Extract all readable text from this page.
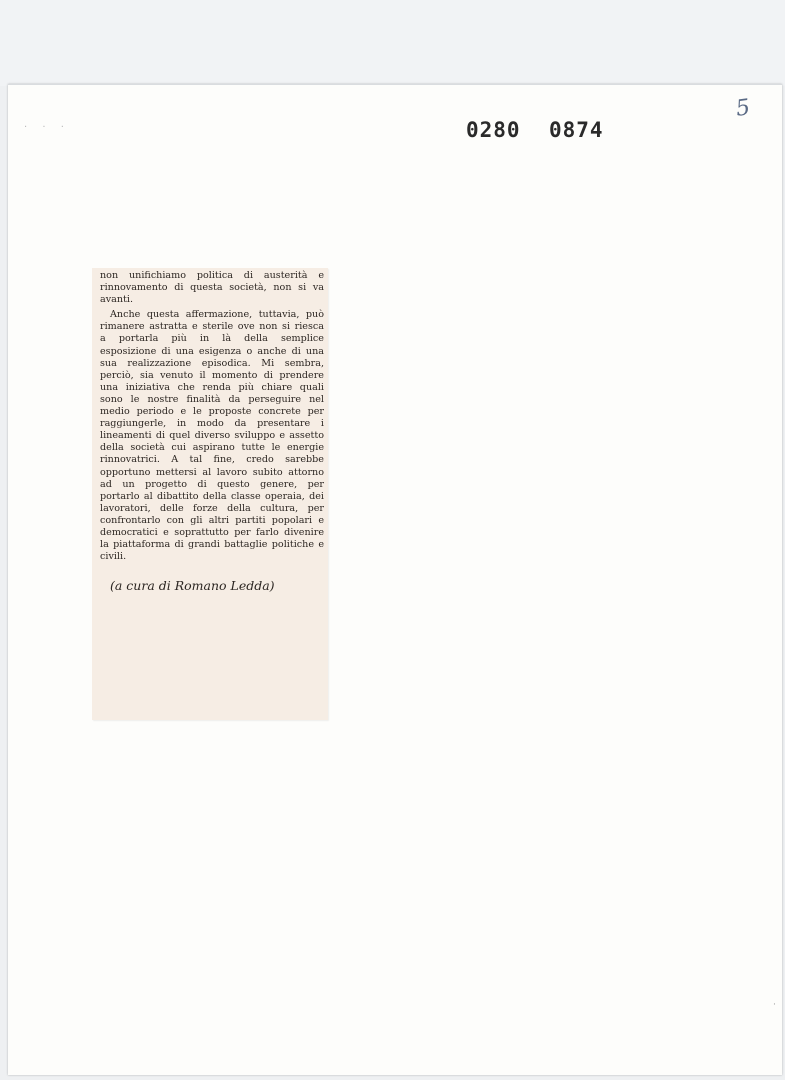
· · ·	0280 0874
5

non unifichiamo politica di austerità e rinnovamento di questa società, non si va avanti.

Anche questa affermazione, tuttavia, può rimanere astratta e sterile ove non si riesca a portarla più in là della semplice esposizione di una esigenza o anche di una sua realizzazione episodica. Mi sembra, perciò, sia venuto il momento di prendere una iniziativa che renda più chiare quali sono le nostre finalità da perseguire nel medio periodo e le proposte concrete per raggiungerle, in modo da presentare i lineamenti di quel diverso sviluppo e assetto della società cui aspirano tutte le energie rinnovatrici. A tal fine, credo sarebbe opportuno mettersi al lavoro subito attorno ad un progetto di questo genere, per portarlo al dibattito della classe operaia, dei lavoratori, delle forze della cultura, per confrontarlo con gli altri partiti popolari e democratici e soprattutto per farlo divenire la piattaforma di grandi battaglie politiche e civili.

(a cura di Romano Ledda)
·
